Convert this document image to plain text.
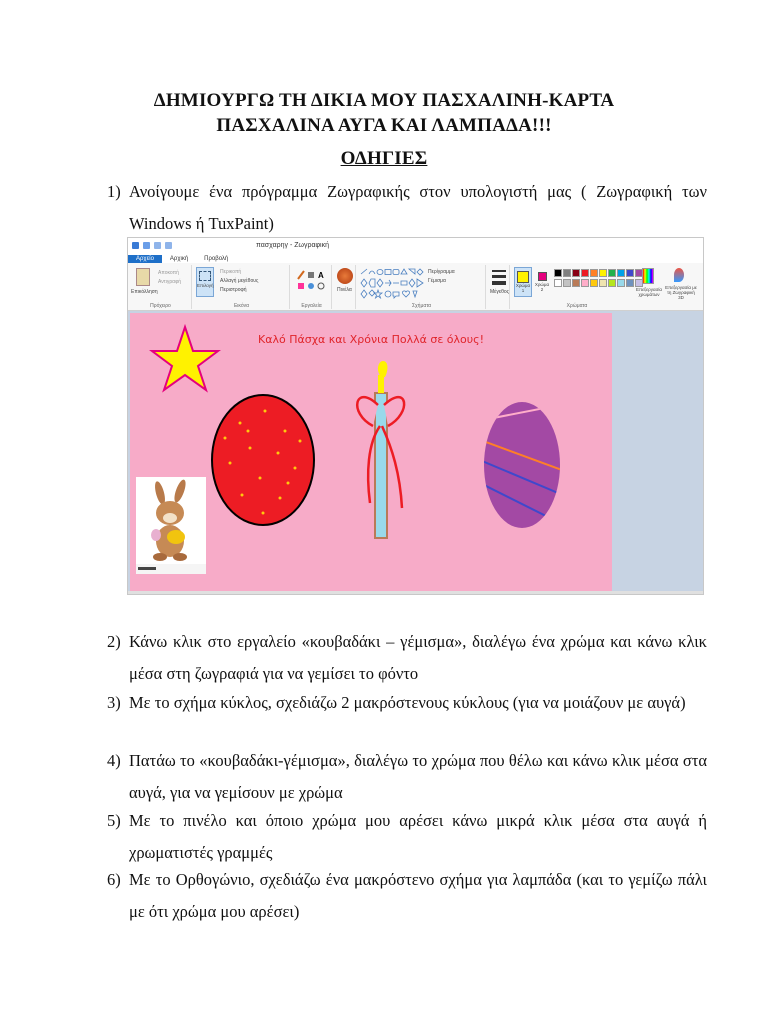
ΔΗΜΙΟΥΡΓΩ ΤΗ ΔΙΚΙΑ ΜΟΥ ΠΑΣΧΑΛΙΝΗ-ΚΑΡΤΑ
ΠΑΣΧΑΛΙΝΑ ΑΥΓΑ ΚΑΙ ΛΑΜΠΑΔΑ!!!
ΟΔΗΓΙΕΣ
1) Ανοίγουμε ένα πρόγραμμα Ζωγραφικής στον υπολογιστή μας ( Ζωγραφική των Windows ή TuxPaint)
πασχαρηγ - Ζωγραφική
Αρχείο	Αρχική	Προβολή
Επικόλληση
Αποκοπή
Αντιγραφή
Πρόχειρο
Επιλογή
Περικοπή
Αλλαγή μεγέθους
Περιστροφή
Εικόνα
A
Εργαλεία
Πινέλα
Περίγραμμα
Γέμισμα
Σχήματα
Μέγεθος
Χρώμα 1
Χρώμα 2	Επεξεργασία χρωμάτων
Επεξεργασία με τη Ζωγραφική 3D
Χρώματα
Καλό Πάσχα και Χρόνια Πολλά σε όλους!
2) Κάνω κλικ στο εργαλείο «κουβαδάκι – γέμισμα», διαλέγω ένα χρώμα και κάνω κλικ μέσα στη ζωγραφιά για να γεμίσει το φόντο
3) Με το σχήμα κύκλος, σχεδιάζω 2 μακρόστενους κύκλους (για να μοιάζουν με αυγά)
4) Πατάω το «κουβαδάκι-γέμισμα», διαλέγω το χρώμα που θέλω και κάνω κλικ μέσα στα αυγά, για να γεμίσουν με χρώμα
5) Με το πινέλο και όποιο χρώμα μου αρέσει κάνω μικρά κλικ μέσα στα αυγά ή χρωματιστές γραμμές
6) Με το Ορθογώνιο, σχεδιάζω ένα μακρόστενο σχήμα για λαμπάδα (και το γεμίζω πάλι με ότι χρώμα μου αρέσει)
